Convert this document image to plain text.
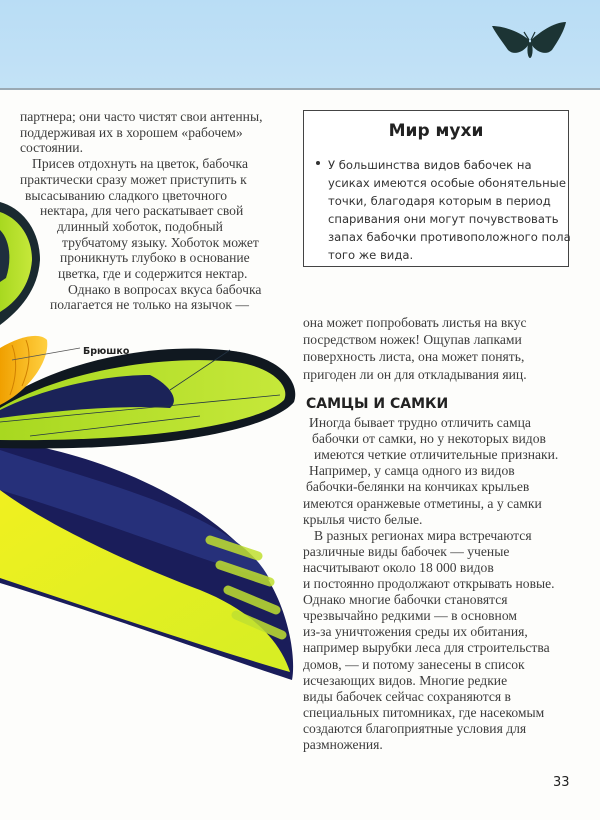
Брюшко
партнера; они часто чистят свои антенны,
поддерживая их в хорошем «рабочем»
состоянии.
Присев отдохнуть на цветок, бабочка
практически сразу может приступить к
высасыванию сладкого цветочного
нектара, для чего раскатывает свой
длинный хоботок, подобный
трубчатому языку. Хоботок может
проникнуть глубоко в основание
цветка, где и содержится нектар.
Однако в вопросах вкуса бабочка
полагается не только на язычок —
Мир мухи
У большинства видов бабочек на
усиках имеются особые обонятельные
точки, благодаря которым в период
спаривания они могут почувствовать
запах бабочки противоположного пола
того же вида.
она может попробовать листья на вкус
посредством ножек! Ощупав лапками
поверхность листа, она может понять,
пригоден ли он для откладывания яиц.
САМЦЫ И САМКИ
Иногда бывает трудно отличить самца
бабочки от самки, но у некоторых видов
имеются четкие отличительные признаки.
Например, у самца одного из видов
бабочки-белянки на кончиках крыльев
имеются оранжевые отметины, а у самки
крылья чисто белые.
В разных регионах мира встречаются
различные виды бабочек — ученые
насчитывают около 18 000 видов
и постоянно продолжают открывать новые.
Однако многие бабочки становятся
чрезвычайно редкими — в основном
из-за уничтожения среды их обитания,
например вырубки леса для строительства
домов, — и потому занесены в список
исчезающих видов. Многие редкие
виды бабочек сейчас сохраняются в
специальных питомниках, где насекомым
создаются благоприятные условия для
размножения.
33
